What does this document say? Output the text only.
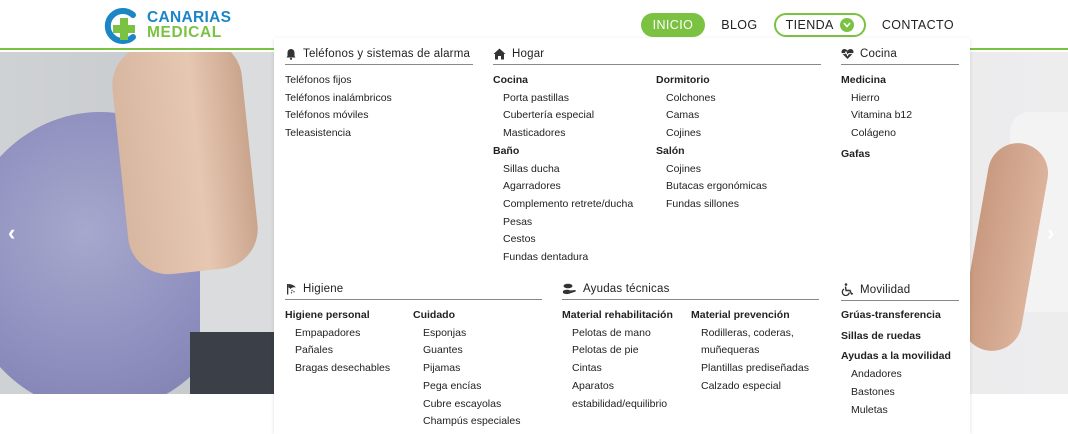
CANARIAS
MEDICAL	INICIO	BLOG TIENDA	CONTACTO
‹	›
Teléfonos y sistemas de alarma
Teléfonos fijos
Teléfonos inalámbricos
Teléfonos móviles
Teleasistencia
Hogar
Cocina
Porta pastillas
Cubertería especial
Masticadores
Baño
Sillas ducha
Agarradores
Complemento retrete/ducha
Pesas
Cestos
Fundas dentadura
Dormitorio
Colchones
Camas
Cojines
Salón
Cojines
Butacas ergonómicas
Fundas sillones
Cocina
Medicina
Hierro
Vitamina b12
Colágeno
Gafas
Higiene
Higiene personal
Empapadores
Pañales
Bragas desechables
Cuidado
Esponjas
Guantes
Pijamas
Pega encías
Cubre escayolas
Champús especiales
Ayudas técnicas
Material rehabilitación
Pelotas de mano
Pelotas de pie
Cintas
Aparatos estabilidad/equilibrio
Material prevención
Rodilleras, coderas, muñequeras
Plantillas prediseñadas
Calzado especial
Movilidad
Grúas-transferencia
Sillas de ruedas
Ayudas a la movilidad
Andadores
Bastones
Muletas
